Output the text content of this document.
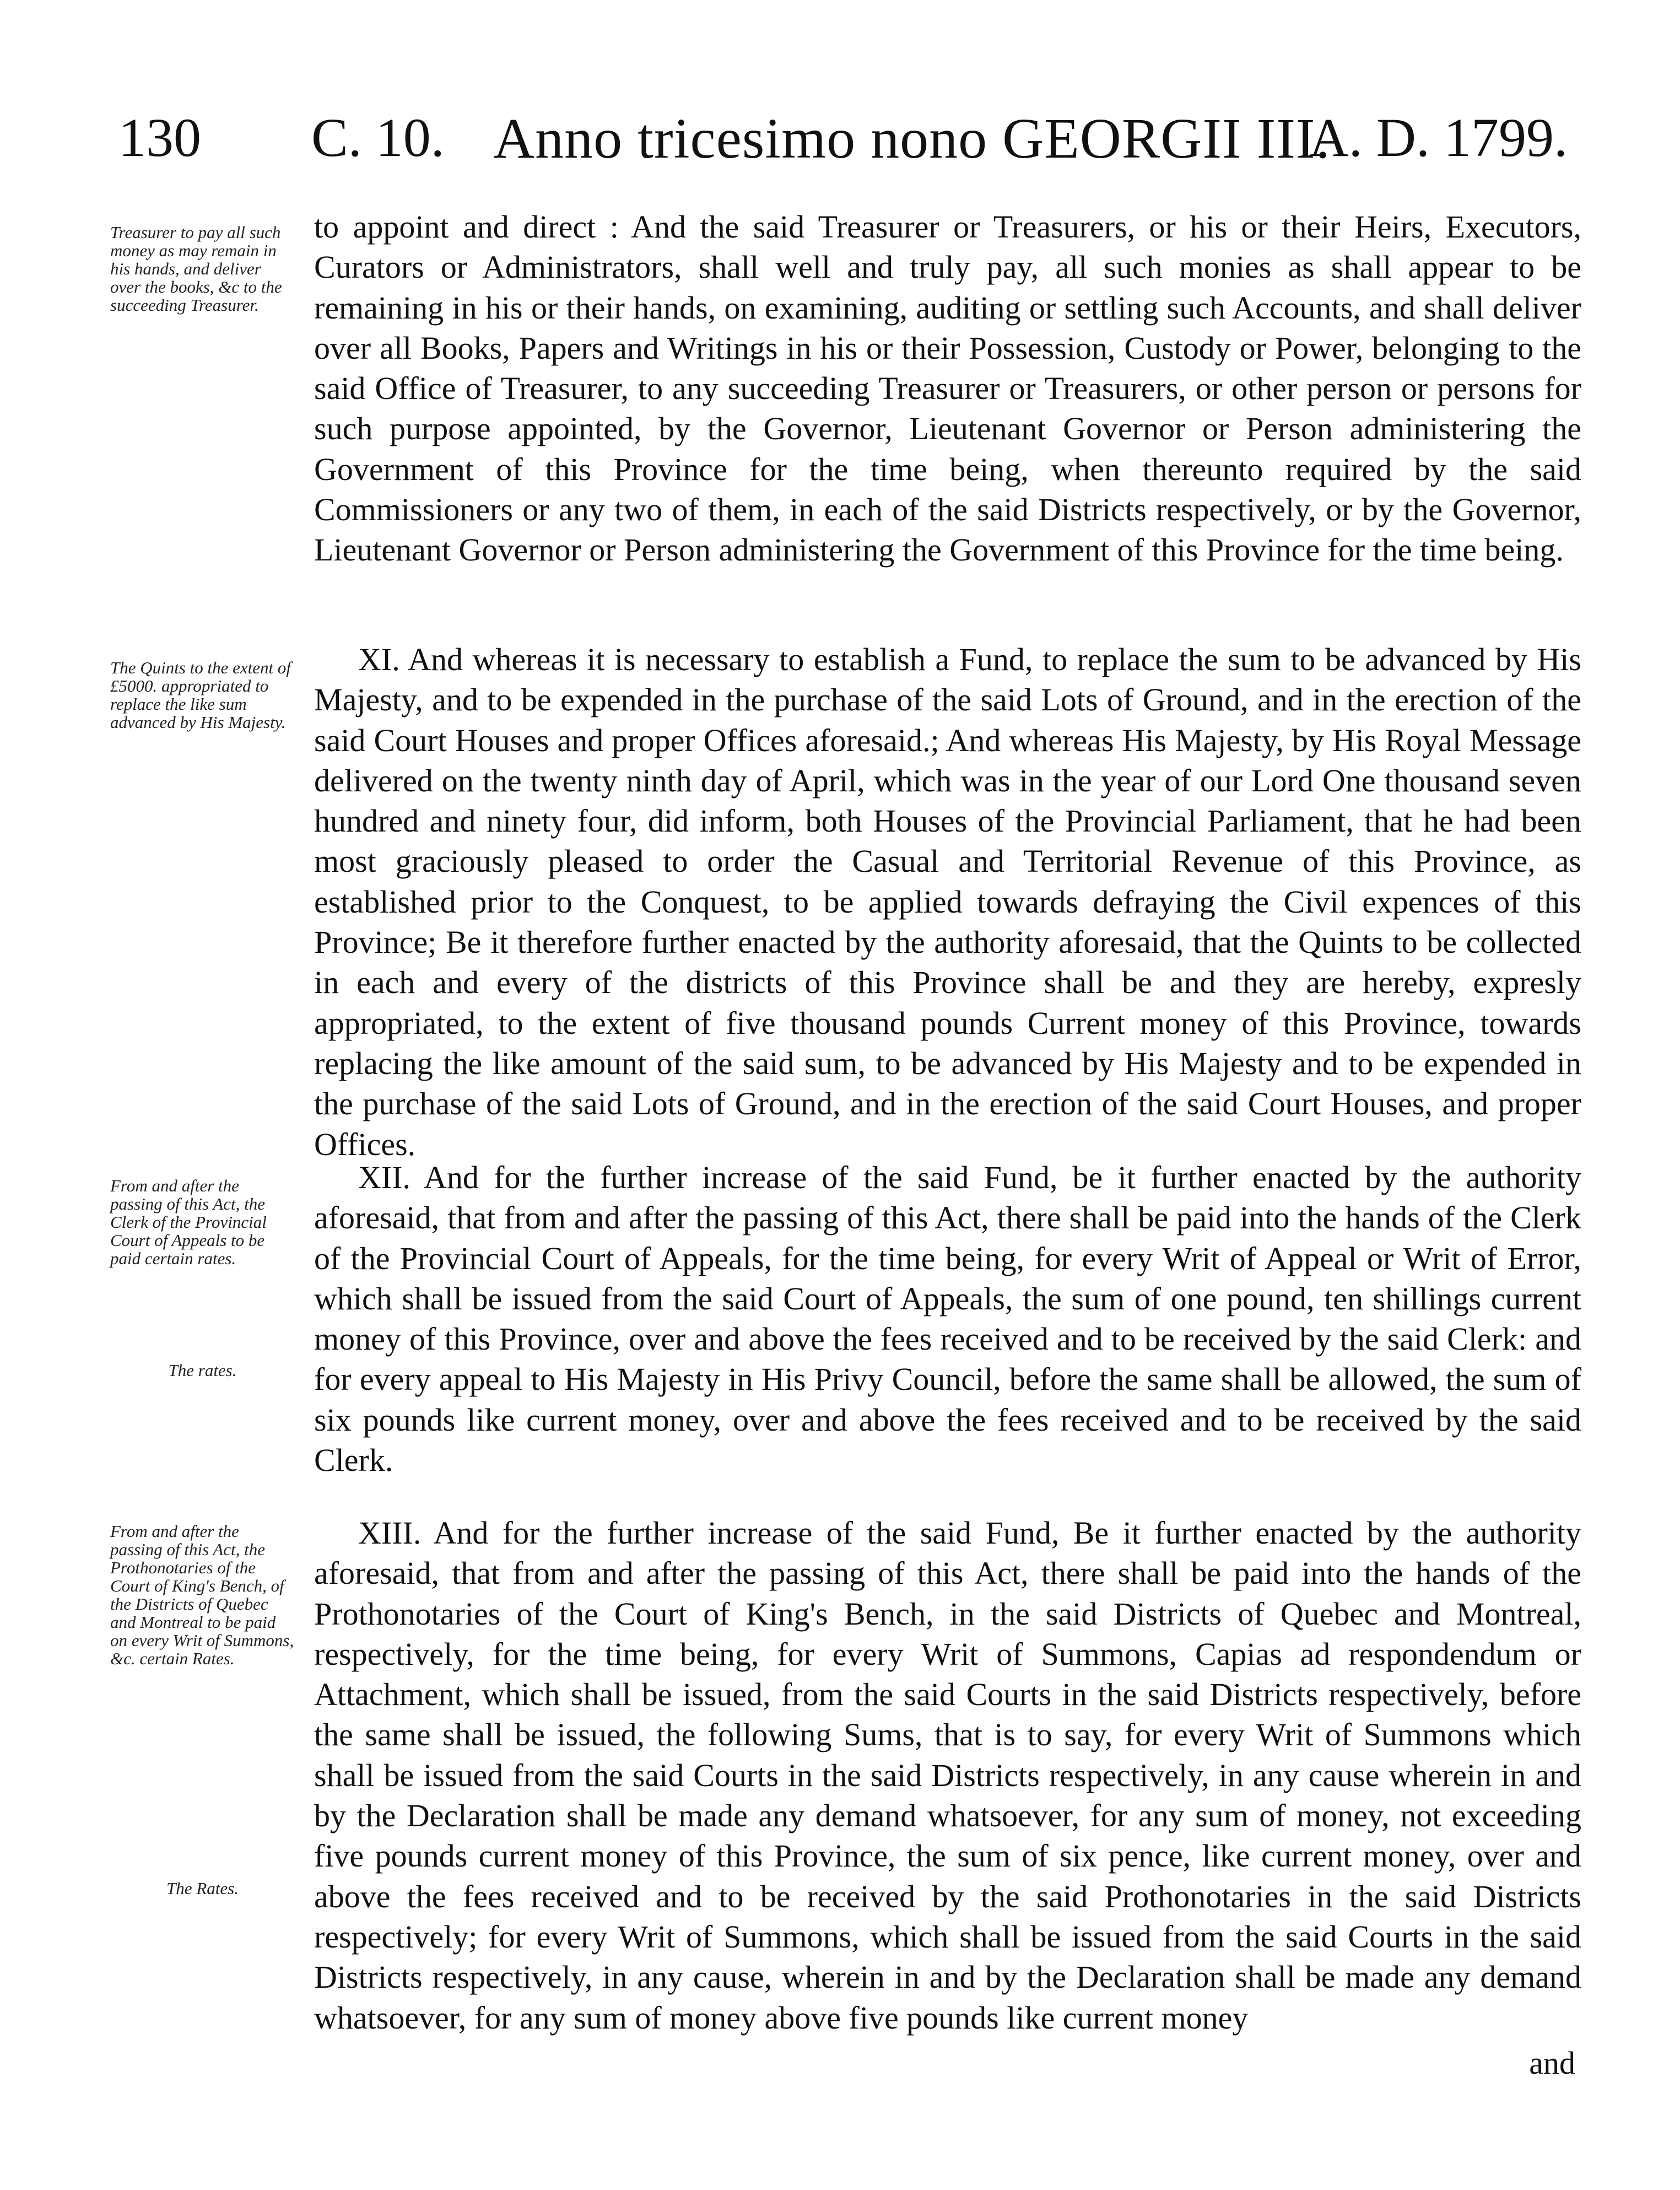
130 C. 10. Anno tricesimo nono GEORGII III.
A. D. 1799.
Treasurer to pay all such money as may remain in his hands, and deliver over the books, &c to the succeeding Treasurer.
The Quints to the extent of £5000. appropriated to replace the like sum advanced by His Majesty.
From and after the passing of this Act, the Clerk of the Provincial Court of Appeals to be paid certain rates.
The rates.
From and after the passing of this Act, the Prothonotaries of the Court of King's Bench, of the Districts of Quebec and Montreal to be paid on every Writ of Summons, &c. certain Rates.
The Rates.
to appoint and direct : And the said Treasurer or Treasurers, or his or their Heirs, Executors, Curators or Administrators, shall well and truly pay, all such monies as shall appear to be remaining in his or their hands, on examining, auditing or settling such Accounts, and shall deliver over all Books, Papers and Writings in his or their Possession, Custody or Power, belonging to the said Office of Treasurer, to any succeeding Treasurer or Treasurers, or other person or persons for such purpose appointed, by the Governor, Lieutenant Governor or Person administering the Government of this Province for the time being, when thereunto required by the said Commissioners or any two of them, in each of the said Districts respectively, or by the Governor, Lieutenant Governor or Person administering the Government of this Province for the time being.
XI. And whereas it is necessary to establish a Fund, to replace the sum to be advanced by His Majesty, and to be expended in the purchase of the said Lots of Ground, and in the erection of the said Court Houses and proper Offices aforesaid.; And whereas His Majesty, by His Royal Message delivered on the twenty ninth day of April, which was in the year of our Lord One thousand seven hundred and ninety four, did inform, both Houses of the Provincial Parliament, that he had been most graciously pleased to order the Casual and Territorial Revenue of this Province, as established prior to the Conquest, to be applied towards defraying the Civil expences of this Province; Be it therefore further enacted by the authority aforesaid, that the Quints to be collected in each and every of the districts of this Province shall be and they are hereby, expresly appropriated, to the extent of five thousand pounds Current money of this Province, towards replacing the like amount of the said sum, to be advanced by His Majesty and to be expended in the purchase of the said Lots of Ground, and in the erection of the said Court Houses, and proper Offices.
XII. And for the further increase of the said Fund, be it further enacted by the authority aforesaid, that from and after the passing of this Act, there shall be paid into the hands of the Clerk of the Provincial Court of Appeals, for the time being, for every Writ of Appeal or Writ of Error, which shall be issued from the said Court of Appeals, the sum of one pound, ten shillings current money of this Province, over and above the fees received and to be received by the said Clerk: and for every appeal to His Majesty in His Privy Council, before the same shall be allowed, the sum of six pounds like current money, over and above the fees received and to be received by the said Clerk.
XIII. And for the further increase of the said Fund, Be it further enacted by the authority aforesaid, that from and after the passing of this Act, there shall be paid into the hands of the Prothonotaries of the Court of King's Bench, in the said Districts of Quebec and Montreal, respectively, for the time being, for every Writ of Summons, Capias ad respondendum or Attachment, which shall be issued, from the said Courts in the said Districts respectively, before the same shall be issued, the following Sums, that is to say, for every Writ of Summons which shall be issued from the said Courts in the said Districts respectively, in any cause wherein in and by the Declaration shall be made any demand whatsoever, for any sum of money, not exceeding five pounds current money of this Province, the sum of six pence, like current money, over and above the fees received and to be received by the said Prothonotaries in the said Districts respectively; for every Writ of Summons, which shall be issued from the said Courts in the said Districts respectively, in any cause, wherein in and by the Declaration shall be made any demand whatsoever, for any sum of money above five pounds like current money
and
